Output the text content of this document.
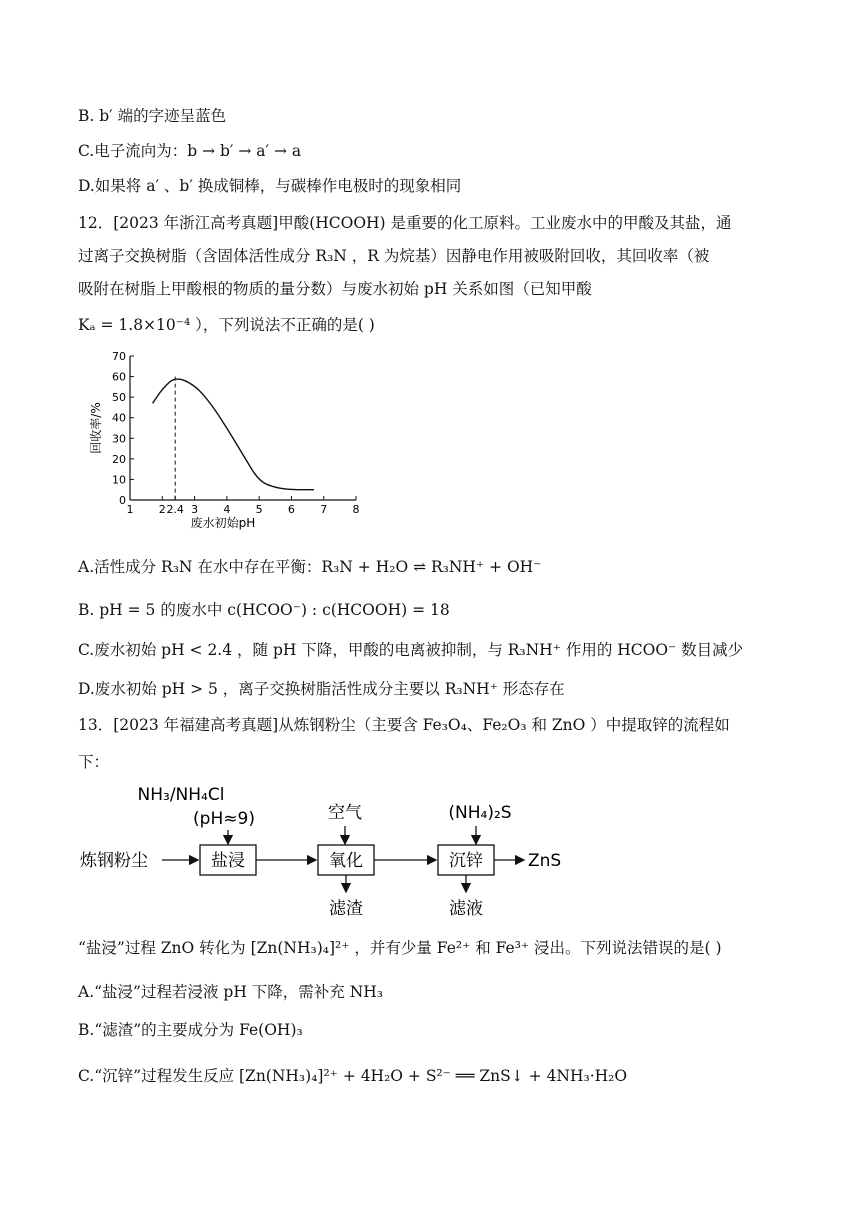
B. b′ 端的字迹呈蓝色
C.电子流向为：b → b′ → a′ → a
D.如果将 a′ 、b′ 换成铜棒，与碳棒作电极时的现象相同
12．[2023 年浙江高考真题]甲酸(HCOOH) 是重要的化工原料。工业废水中的甲酸及其盐，通
过离子交换树脂（含固体活性成分 R₃N ，R 为烷基）因静电作用被吸附回收，其回收率（被
吸附在树脂上甲酸根的物质的量分数）与废水初始 pH 关系如图（已知甲酸
Kₐ = 1.8×10⁻⁴ ），下列说法不正确的是( )
0
10
20
30
40
50
60
70
1 2 2.4 3 4 5 6 7 8
回收率/%
废水初始pH
A.活性成分 R₃N 在水中存在平衡：R₃N + H₂O ⇌ R₃NH⁺ + OH⁻
B. pH = 5 的废水中 c(HCOO⁻) : c(HCOOH) = 18
C.废水初始 pH < 2.4 ，随 pH 下降，甲酸的电离被抑制，与 R₃NH⁺ 作用的 HCOO⁻ 数目减少
D.废水初始 pH > 5 ，离子交换树脂活性成分主要以 R₃NH⁺ 形态存在
13．[2023 年福建高考真题]从炼钢粉尘（主要含 Fe₃O₄、Fe₂O₃ 和 ZnO ）中提取锌的流程如
下：
NH₃/NH₄Cl
(pH≈9)	空气	(NH₄)₂S
炼钢粉尘	盐浸	氧化	沉锌	ZnS
滤渣	滤液
“盐浸”过程 ZnO 转化为 [Zn(NH₃)₄]²⁺ ，并有少量 Fe²⁺ 和 Fe³⁺ 浸出。下列说法错误的是( )
A.“盐浸”过程若浸液 pH 下降，需补充 NH₃
B.“滤渣”的主要成分为 Fe(OH)₃
C.“沉锌”过程发生反应 [Zn(NH₃)₄]²⁺ + 4H₂O + S²⁻ ══ ZnS↓ + 4NH₃·H₂O
